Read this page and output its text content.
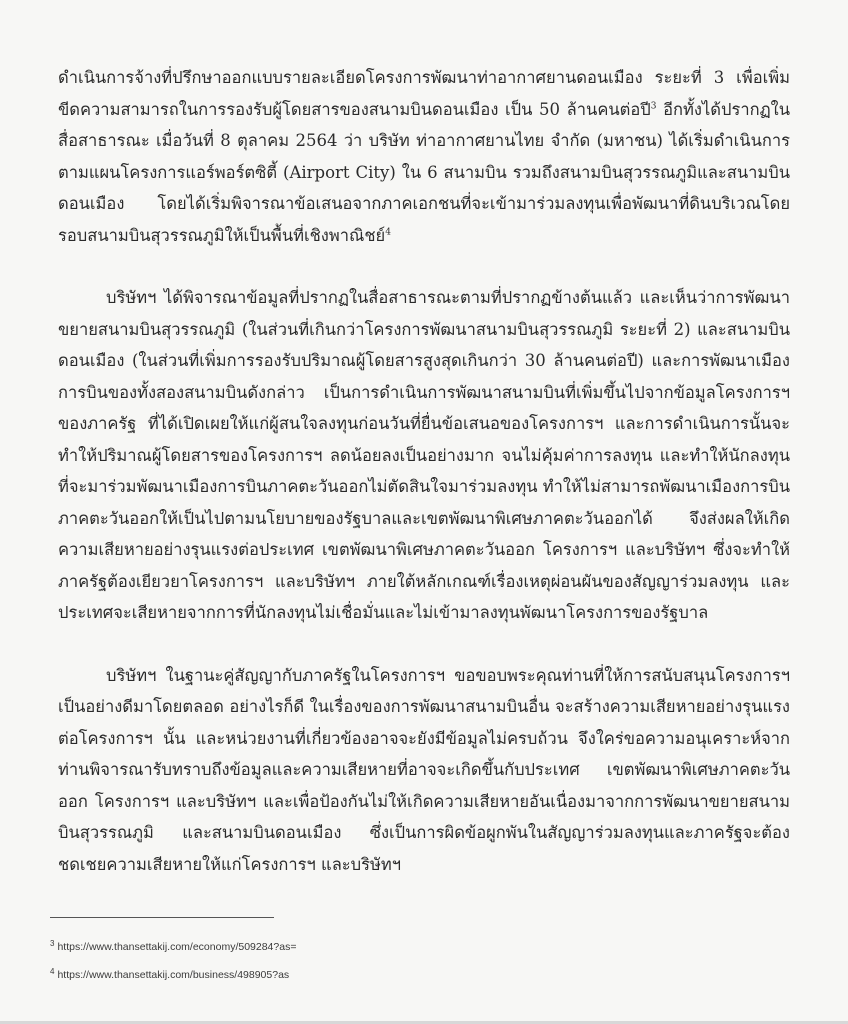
ดำเนินการจ้างที่ปรึกษาออกแบบรายละเอียดโครงการพัฒนาท่าอากาศยานดอนเมือง ระยะที่ 3 เพื่อเพิ่มขีดความสามารถในการรองรับผู้โดยสารของสนามบินดอนเมือง เป็น 50 ล้านคนต่อปี$^3$ อีกทั้งได้ปรากฏในสื่อสาธารณะ เมื่อวันที่ 8 ตุลาคม 2564 ว่า บริษัท ท่าอากาศยานไทย จำกัด (มหาชน) ได้เริ่มดำเนินการตามแผนโครงการแอร์พอร์ตซิตี้ (Airport City) ใน 6 สนามบิน รวมถึงสนามบินสุวรรณภูมิและสนามบินดอนเมือง โดยได้เริ่มพิจารณาข้อเสนอจากภาคเอกชนที่จะเข้ามาร่วมลงทุนเพื่อพัฒนาที่ดินบริเวณโดยรอบสนามบินสุวรรณภูมิให้เป็นพื้นที่เชิงพาณิชย์$^4$

บริษัทฯ ได้พิจารณาข้อมูลที่ปรากฏในสื่อสาธารณะตามที่ปรากฏข้างต้นแล้ว และเห็นว่าการพัฒนาขยายสนามบินสุวรรณภูมิ (ในส่วนที่เกินกว่าโครงการพัฒนาสนามบินสุวรรณภูมิ ระยะที่ 2) และสนามบินดอนเมือง (ในส่วนที่เพิ่มการรองรับปริมาณผู้โดยสารสูงสุดเกินกว่า 30 ล้านคนต่อปี) และการพัฒนาเมืองการบินของทั้งสองสนามบินดังกล่าว เป็นการดำเนินการพัฒนาสนามบินที่เพิ่มขึ้นไปจากข้อมูลโครงการฯ ของภาครัฐ ที่ได้เปิดเผยให้แก่ผู้สนใจลงทุนก่อนวันที่ยื่นข้อเสนอของโครงการฯ และการดำเนินการนั้นจะทำให้ปริมาณผู้โดยสารของโครงการฯ ลดน้อยลงเป็นอย่างมาก จนไม่คุ้มค่าการลงทุน และทำให้นักลงทุนที่จะมาร่วมพัฒนาเมืองการบินภาคตะวันออกไม่ตัดสินใจมาร่วมลงทุน ทำให้ไม่สามารถพัฒนาเมืองการบินภาคตะวันออกให้เป็นไปตามนโยบายของรัฐบาลและเขตพัฒนาพิเศษภาคตะวันออกได้ จึงส่งผลให้เกิดความเสียหายอย่างรุนแรงต่อประเทศ เขตพัฒนาพิเศษภาคตะวันออก โครงการฯ และบริษัทฯ ซึ่งจะทำให้ภาครัฐต้องเยียวยาโครงการฯ และบริษัทฯ ภายใต้หลักเกณฑ์เรื่องเหตุผ่อนผันของสัญญาร่วมลงทุน และประเทศจะเสียหายจากการที่นักลงทุนไม่เชื่อมั่นและไม่เข้ามาลงทุนพัฒนาโครงการของรัฐบาล

บริษัทฯ ในฐานะคู่สัญญากับภาครัฐในโครงการฯ ขอขอบพระคุณท่านที่ให้การสนับสนุนโครงการฯ เป็นอย่างดีมาโดยตลอด อย่างไรก็ดี ในเรื่องของการพัฒนาสนามบินอื่น จะสร้างความเสียหายอย่างรุนแรงต่อโครงการฯ นั้น และหน่วยงานที่เกี่ยวข้องอาจจะยังมีข้อมูลไม่ครบถ้วน จึงใคร่ขอความอนุเคราะห์จากท่านพิจารณารับทราบถึงข้อมูลและความเสียหายที่อาจจะเกิดขึ้นกับประเทศ เขตพัฒนาพิเศษภาคตะวันออก โครงการฯ และบริษัทฯ และเพื่อป้องกันไม่ให้เกิดความเสียหายอันเนื่องมาจากการพัฒนาขยายสนามบินสุวรรณภูมิ และสนามบินดอนเมือง ซึ่งเป็นการผิดข้อผูกพันในสัญญาร่วมลงทุนและภาครัฐจะต้องชดเชยความเสียหายให้แก่โครงการฯ และบริษัทฯ

$^3$ https://www.thansettakij.com/economy/509284?as=
$^4$ https://www.thansettakij.com/business/498905?as
